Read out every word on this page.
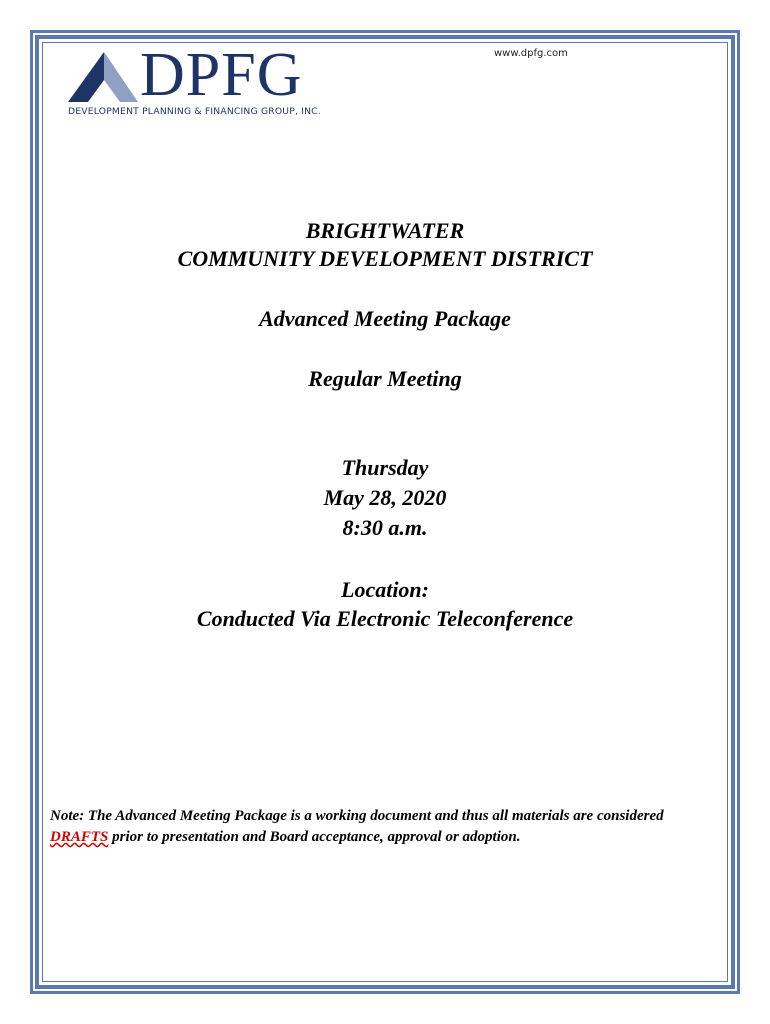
DPFG
DEVELOPMENT PLANNING & FINANCING GROUP, INC.
www.dpfg.com

BRIGHTWATER

COMMUNITY DEVELOPMENT DISTRICT

Advanced Meeting Package

Regular Meeting

Thursday

May 28, 2020

8:30 a.m.

Location:

Conducted Via Electronic Teleconference

Note: The Advanced Meeting Package is a working document and thus all materials are considered DRAFTS prior to presentation and Board acceptance, approval or adoption.
